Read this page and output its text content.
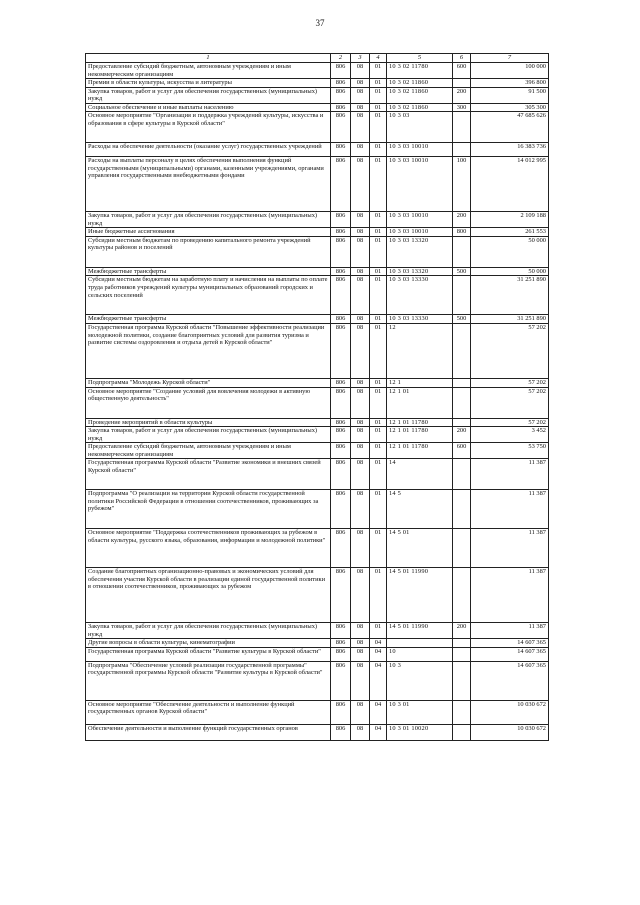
37
1	2	3	4	5	6	7
Предоставление субсидий бюджетным, автономным учреждениям и иным некоммерческим организациям	806	08	01	10 3 02 11780	600	100 000
Премии в области культуры, искусства и литературы	806	08	01	10 3 02 11860		396 800
Закупка товаров, работ и услуг для обеспечения государственных (муниципальных) нужд	806	08	01	10 3 02 11860	200	91 500
Социальное обеспечение и иные выплаты населению	806	08	01	10 3 02 11860	300	305 300
Основное мероприятие "Организация и поддержка учреждений культуры, искусства и образования в сфере культуры в Курской области"	806	08	01	10 3 03		47 685 626
Расходы на обеспечение деятельности (оказание услуг) государственных учреждений	806	08	01	10 3 03 10010		16 383 736
Расходы на выплаты персоналу в целях обеспечения выполнения функций государственными (муниципальными) органами, казенными учреждениями, органами управления государственными внебюджетными фондами	806	08	01	10 3 03 10010	100	14 012 995
Закупка товаров, работ и услуг для обеспечения государственных (муниципальных) нужд	806	08	01	10 3 03 10010	200	2 109 188
Иные бюджетные ассигнования	806	08	01	10 3 03 10010	800	261 553
Субсидии местным бюджетам по проведению капитального ремонта учреждений культуры районов и поселений	806	08	01	10 3 03 13320		50 000
Межбюджетные трансферты	806	08	01	10 3 03 13320	500	50 000
Субсидии местным бюджетам на заработную плату и начисления на выплаты по оплате труда работников учреждений культуры муниципальных образований городских и сельских поселений	806	08	01	10 3 03 13330		31 251 890
Межбюджетные трансферты	806	08	01	10 3 03 13330	500	31 251 890
Государственная программа Курской области "Повышение эффективности реализации молодежной политики, создание благоприятных условий для развития туризма и развитие системы оздоровления и отдыха детей в Курской области"	806	08	01	12		57 202
Подпрограмма "Молодежь Курской области"	806	08	01	12 1		57 202
Основное мероприятие "Создание условий для вовлечения молодежи в активную общественную деятельность"	806	08	01	12 1 01		57 202
Проведение мероприятий в области культуры	806	08	01	12 1 01 11780		57 202
Закупка товаров, работ и услуг для обеспечения государственных (муниципальных) нужд	806	08	01	12 1 01 11780	200	3 452
Предоставление субсидий бюджетным, автономным учреждениям и иным некоммерческим организациям	806	08	01	12 1 01 11780	600	53 750
Государственная программа Курской области "Развитие экономики и внешних связей Курской области"	806	08	01	14		11 387
Подпрограмма "О реализации на территории Курской области государственной политики Российской Федерации в отношении соотечественников, проживающих за рубежом"	806	08	01	14 5		11 387
Основное мероприятие "Поддержка соотечественников проживающих за рубежом в области культуры, русского языка, образования, информации и молодежной политики"	806	08	01	14 5 01		11 387
Создание благоприятных организационно-правовых и экономических условий для обеспечения участия Курской области в реализации единой государственной политики в отношении соотечественников, проживающих за рубежом	806	08	01	14 5 01 11990		11 387
Закупка товаров, работ и услуг для обеспечения государственных (муниципальных) нужд	806	08	01	14 5 01 11990	200	11 387
Другие вопросы в области культуры, кинематографии	806	08	04			14 607 365
Государственная программа Курской области "Развитие культуры в Курской области"	806	08	04	10		14 607 365
Подпрограмма "Обеспечение условий реализации государственной программы" государственной программы Курской области "Развитие культуры в Курской области"	806	08	04	10 3		14 607 365
Основное мероприятие "Обеспечение деятельности и выполнение функций государственных органов Курской области"	806	08	04	10 3 01		10 030 672
Обеспечение деятельности и выполнение функций государственных органов	806	08	04	10 3 01 10020		10 030 672
